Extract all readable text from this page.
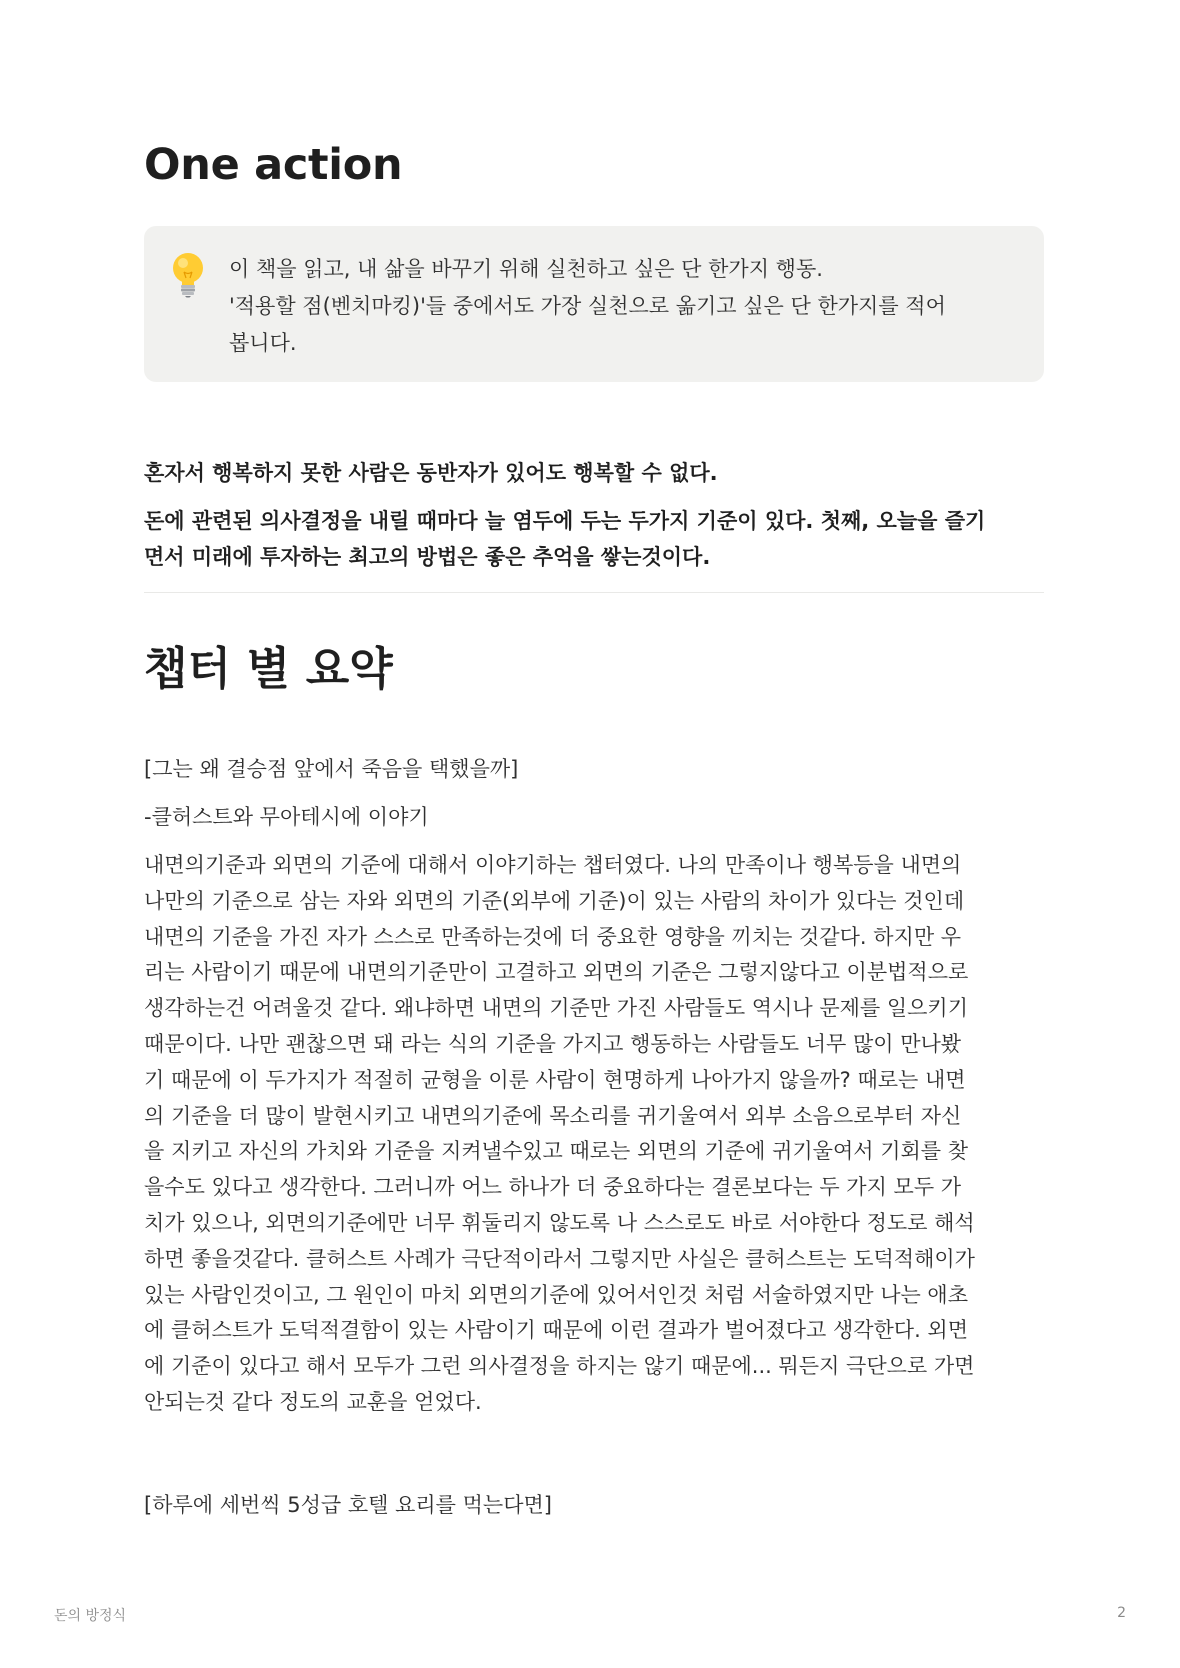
One action

이 책을 읽고, 내 삶을 바꾸기 위해 실천하고 싶은 단 한가지 행동.

'적용할 점(벤치마킹)'들 중에서도 가장 실천으로 옮기고 싶은 단 한가지를 적어

봅니다.

혼자서 행복하지 못한 사람은 동반자가 있어도 행복할 수 없다.

돈에 관련된 의사결정을 내릴 때마다 늘 염두에 두는 두가지 기준이 있다. 첫째, 오늘을 즐기

면서 미래에 투자하는 최고의 방법은 좋은 추억을 쌓는것이다.

챕터 별 요약

[그는 왜 결승점 앞에서 죽음을 택했을까]

-클허스트와 무아테시에 이야기

내면의기준과 외면의 기준에 대해서 이야기하는 챕터였다. 나의 만족이나 행복등을 내면의
나만의 기준으로 삼는 자와 외면의 기준(외부에 기준)이 있는 사람의 차이가 있다는 것인데
내면의 기준을 가진 자가 스스로 만족하는것에 더 중요한 영향을 끼치는 것같다. 하지만 우
리는 사람이기 때문에 내면의기준만이 고결하고 외면의 기준은 그렇지않다고 이분법적으로
생각하는건 어려울것 같다. 왜냐하면 내면의 기준만 가진 사람들도 역시나 문제를 일으키기
때문이다. 나만 괜찮으면 돼 라는 식의 기준을 가지고 행동하는 사람들도 너무 많이 만나봤
기 때문에 이 두가지가 적절히 균형을 이룬 사람이 현명하게 나아가지 않을까? 때로는 내면
의 기준을 더 많이 발현시키고 내면의기준에 목소리를 귀기울여서 외부 소음으로부터 자신
을 지키고 자신의 가치와 기준을 지켜낼수있고 때로는 외면의 기준에 귀기울여서 기회를 찾
을수도 있다고 생각한다. 그러니까 어느 하나가 더 중요하다는 결론보다는 두 가지 모두 가
치가 있으나, 외면의기준에만 너무 휘둘리지 않도록 나 스스로도 바로 서야한다 정도로 해석
하면 좋을것같다. 클허스트 사례가 극단적이라서 그렇지만 사실은 클허스트는 도덕적해이가
있는 사람인것이고, 그 원인이 마치 외면의기준에 있어서인것 처럼 서술하였지만 나는 애초
에 클허스트가 도덕적결함이 있는 사람이기 때문에 이런 결과가 벌어졌다고 생각한다. 외면
에 기준이 있다고 해서 모두가 그런 의사결정을 하지는 않기 때문에... 뭐든지 극단으로 가면
안되는것 같다 정도의 교훈을 얻었다.

[하루에 세번씩 5성급 호텔 요리를 먹는다면]

돈의 방정식	2
